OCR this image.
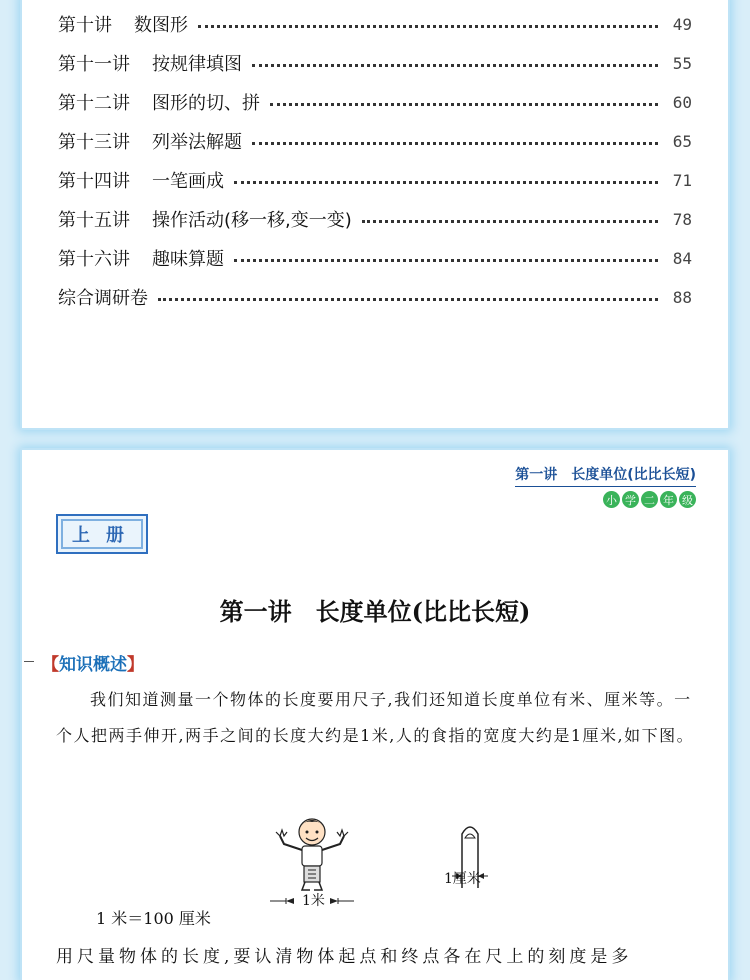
第十讲 数图形	49
第十一讲 按规律填图	55
第十二讲 图形的切、拼	60
第十三讲 列举法解题	65
第十四讲 一笔画成	71
第十五讲 操作活动(移一移,变一变)	78
第十六讲 趣味算题	84
综合调研卷	88
第一讲　长度单位(比比长短)
小 学 二 年 级
上 册
第一讲　长度单位(比比长短)
【知识概述】
我们知道测量一个物体的长度要用尺子,我们还知道长度单位有米、厘米等。一个人把两手伸开,两手之间的长度大约是1米,人的食指的宽度大约是1厘米,如下图。
1米
1厘米
1 米＝100 厘米
用尺量物体的长度,要认清物体起点和终点各在尺上的刻度是多
